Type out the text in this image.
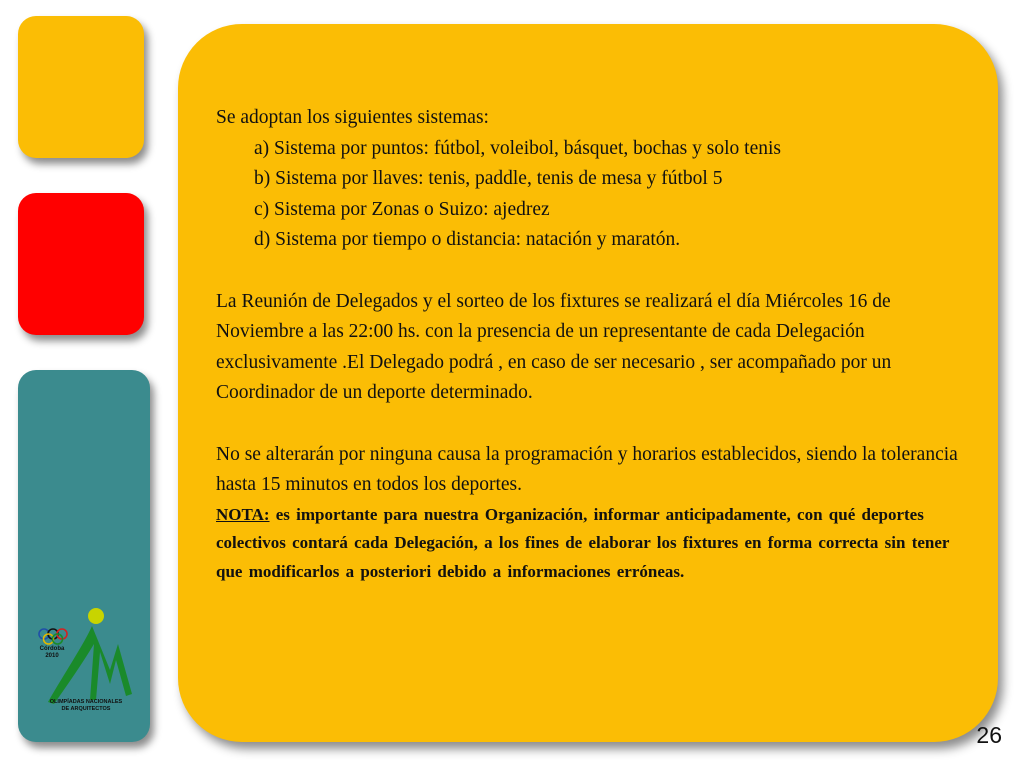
Córdoba
2010
OLIMPÍADAS NACIONALES
DE ARQUITECTOS

Se adoptan los siguientes sistemas:

a) Sistema por puntos: fútbol, voleibol, básquet, bochas y solo tenis

b) Sistema por llaves: tenis, paddle, tenis de mesa y fútbol 5

c) Sistema por Zonas o Suizo: ajedrez

d) Sistema por tiempo o distancia: natación y maratón.

La Reunión de Delegados y el sorteo de los fixtures se realizará el día Miércoles 16 de Noviembre a las 22:00 hs. con la presencia de un representante de cada Delegación exclusivamente .El Delegado podrá , en caso de ser necesario , ser acompañado por un Coordinador de un deporte determinado.

No se alterarán por ninguna causa la programación y horarios establecidos, siendo la tolerancia hasta 15 minutos en todos los deportes.

NOTA: es importante para nuestra Organización, informar anticipadamente, con qué deportes colectivos contará cada Delegación, a los fines de elaborar los fixtures en forma correcta sin tener que modificarlos a posteriori debido a informaciones erróneas.

26
